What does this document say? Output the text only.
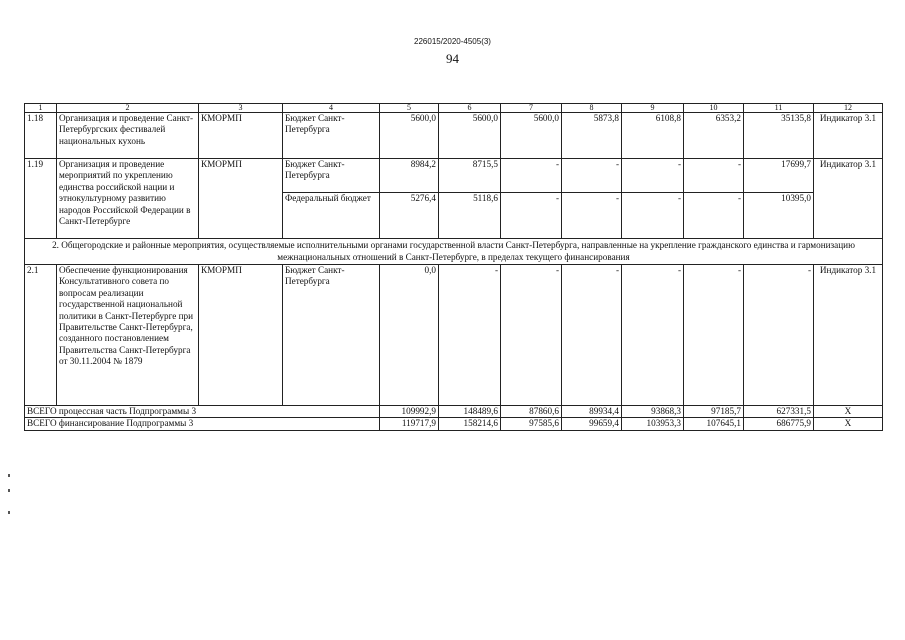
226015/2020-4505(3)
94
1	2	3	4	5	6	7	8	9	10	11	12
1.18	Организация и проведение Санкт-Петербургских фестивалей национальных кухонь	КМОРМП	Бюджет Санкт-Петербурга	5600,0	5600,0	5600,0	5873,8	6108,8	6353,2	35135,8	Индикатор 3.1
1.19	Организация и проведение мероприятий по укреплению единства российской нации и этнокультурному развитию народов Российской Федерации в Санкт-Петербурге	КМОРМП	Бюджет Санкт-Петербурга	8984,2	8715,5	-	-	-	-	17699,7	Индикатор 3.1
			Федеральный бюджет	5276,4	5118,6	-	-	-	-	10395,0	
2. Общегородские и районные мероприятия, осуществляемые исполнительными органами государственной власти Санкт-Петербурга, направленные на укрепление гражданского единства и гармонизацию межнациональных отношений в Санкт-Петербурге, в пределах текущего финансирования											
2.1	Обеспечение функционирования Консультативного совета по вопросам реализации государственной национальной политики в Санкт-Петербурге при Правительстве Санкт-Петербурга, созданного постановлением Правительства Санкт-Петербурга от 30.11.2004 № 1879	КМОРМП	Бюджет Санкт-Петербурга	0,0	-	-	-	-	-	-	Индикатор 3.1
ВСЕГО процессная часть Подпрограммы 3				109992,9	148489,6	87860,6	89934,4	93868,3	97185,7	627331,5	Х
ВСЕГО финансирование Подпрограммы 3				119717,9	158214,6	97585,6	99659,4	103953,3	107645,1	686775,9	Х
